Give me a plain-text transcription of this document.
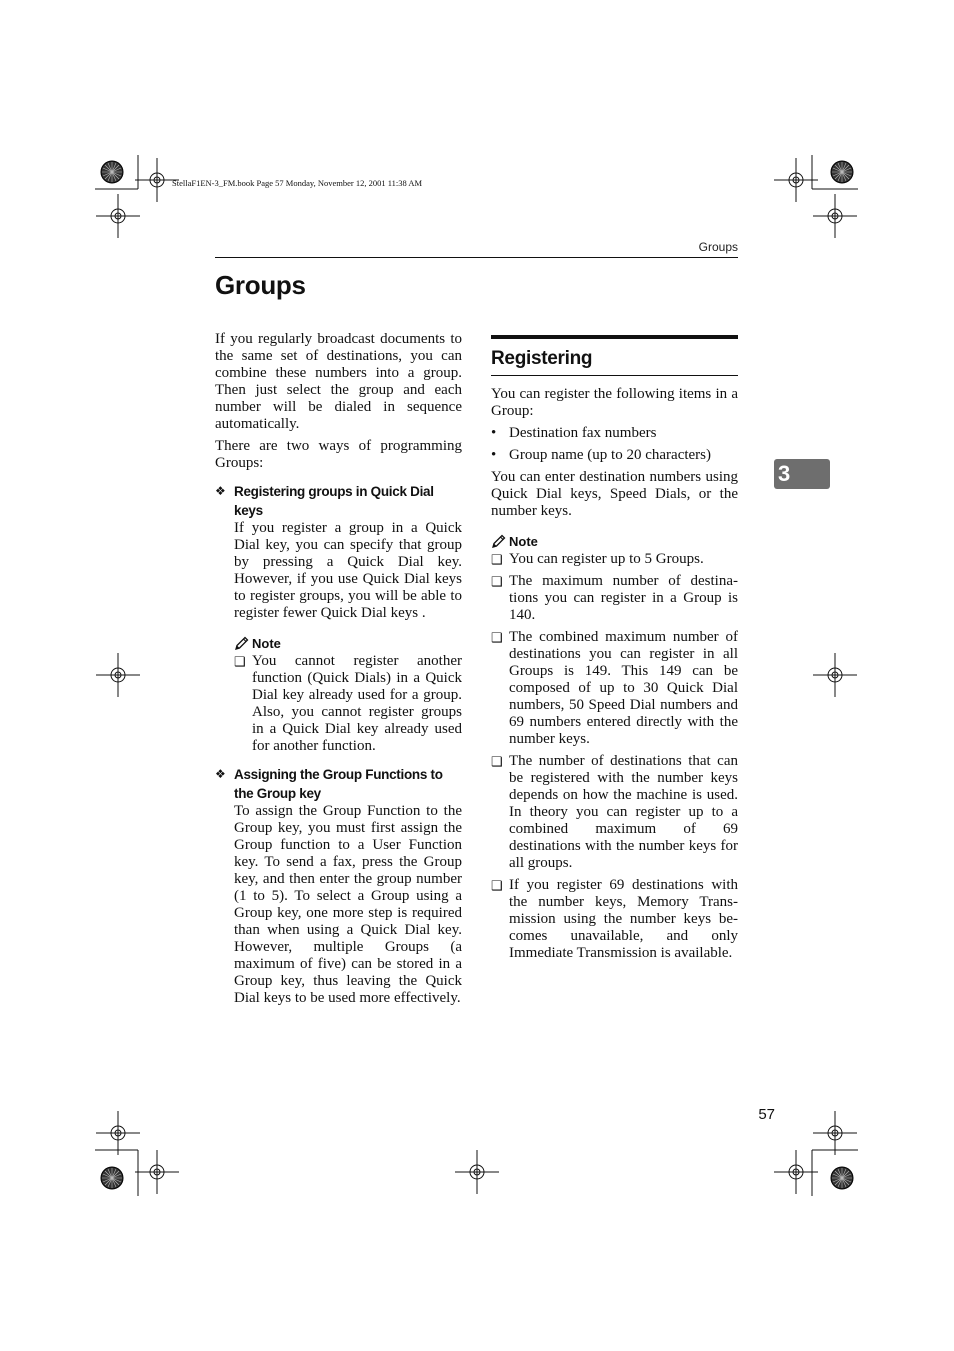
StellaF1EN-3_FM.book Page 57 Monday, November 12, 2001 11:38 AM
Groups
Groups

If you regularly broadcast documents to the same set of destinations, you can combine these numbers into a group. Then just select the group and each number will be dialed in sequence automatically.

There are two ways of programming Groups:

❖ Registering groups in Quick Dial keys

If you register a group in a Quick Dial key, you can specify that group by pressing a Quick Dial key. However, if you use Quick Dial keys to register groups, you will be able to register fewer Quick Dial keys .

Note
❑ You cannot register another function (Quick Dials) in a Quick Dial key already used for a group. Also, you cannot register groups in a Quick Dial key already used for another function.
❖ Assigning the Group Functions to the Group key

To assign the Group Function to the Group key, you must first assign the Group function to a User Function key. To send a fax, press the Group key, and then enter the group number (1 to 5). To select a Group using a Group key, one more step is required than when using a Quick Dial key. However, multiple Groups (a maximum of five) can be stored in a Group key, thus leaving the Quick Dial keys to be used more effectively.

Registering

You can register the following items in a Group:

• Destination fax numbers
• Group name (up to 20 characters)

You can enter destination numbers using Quick Dial keys, Speed Dials, or the number keys.

Note
❑ You can register up to 5 Groups.
❑ The maximum number of destinations you can register in a Group is 140.
❑ The combined maximum number of destinations you can register in all Groups is 149. This 149 can be composed of up to 30 Quick Dial numbers, 50 Speed Dial numbers and 69 numbers entered directly with the number keys.
❑ The number of destinations that can be registered with the number keys depends on how the machine is used. In theory you can register up to a combined maximum of 69 destinations with the number keys for all groups.
❑ If you register 69 destinations with the number keys, Memory Transmission using the number keys becomes unavailable, and only Immediate Transmission is available.
3
57
